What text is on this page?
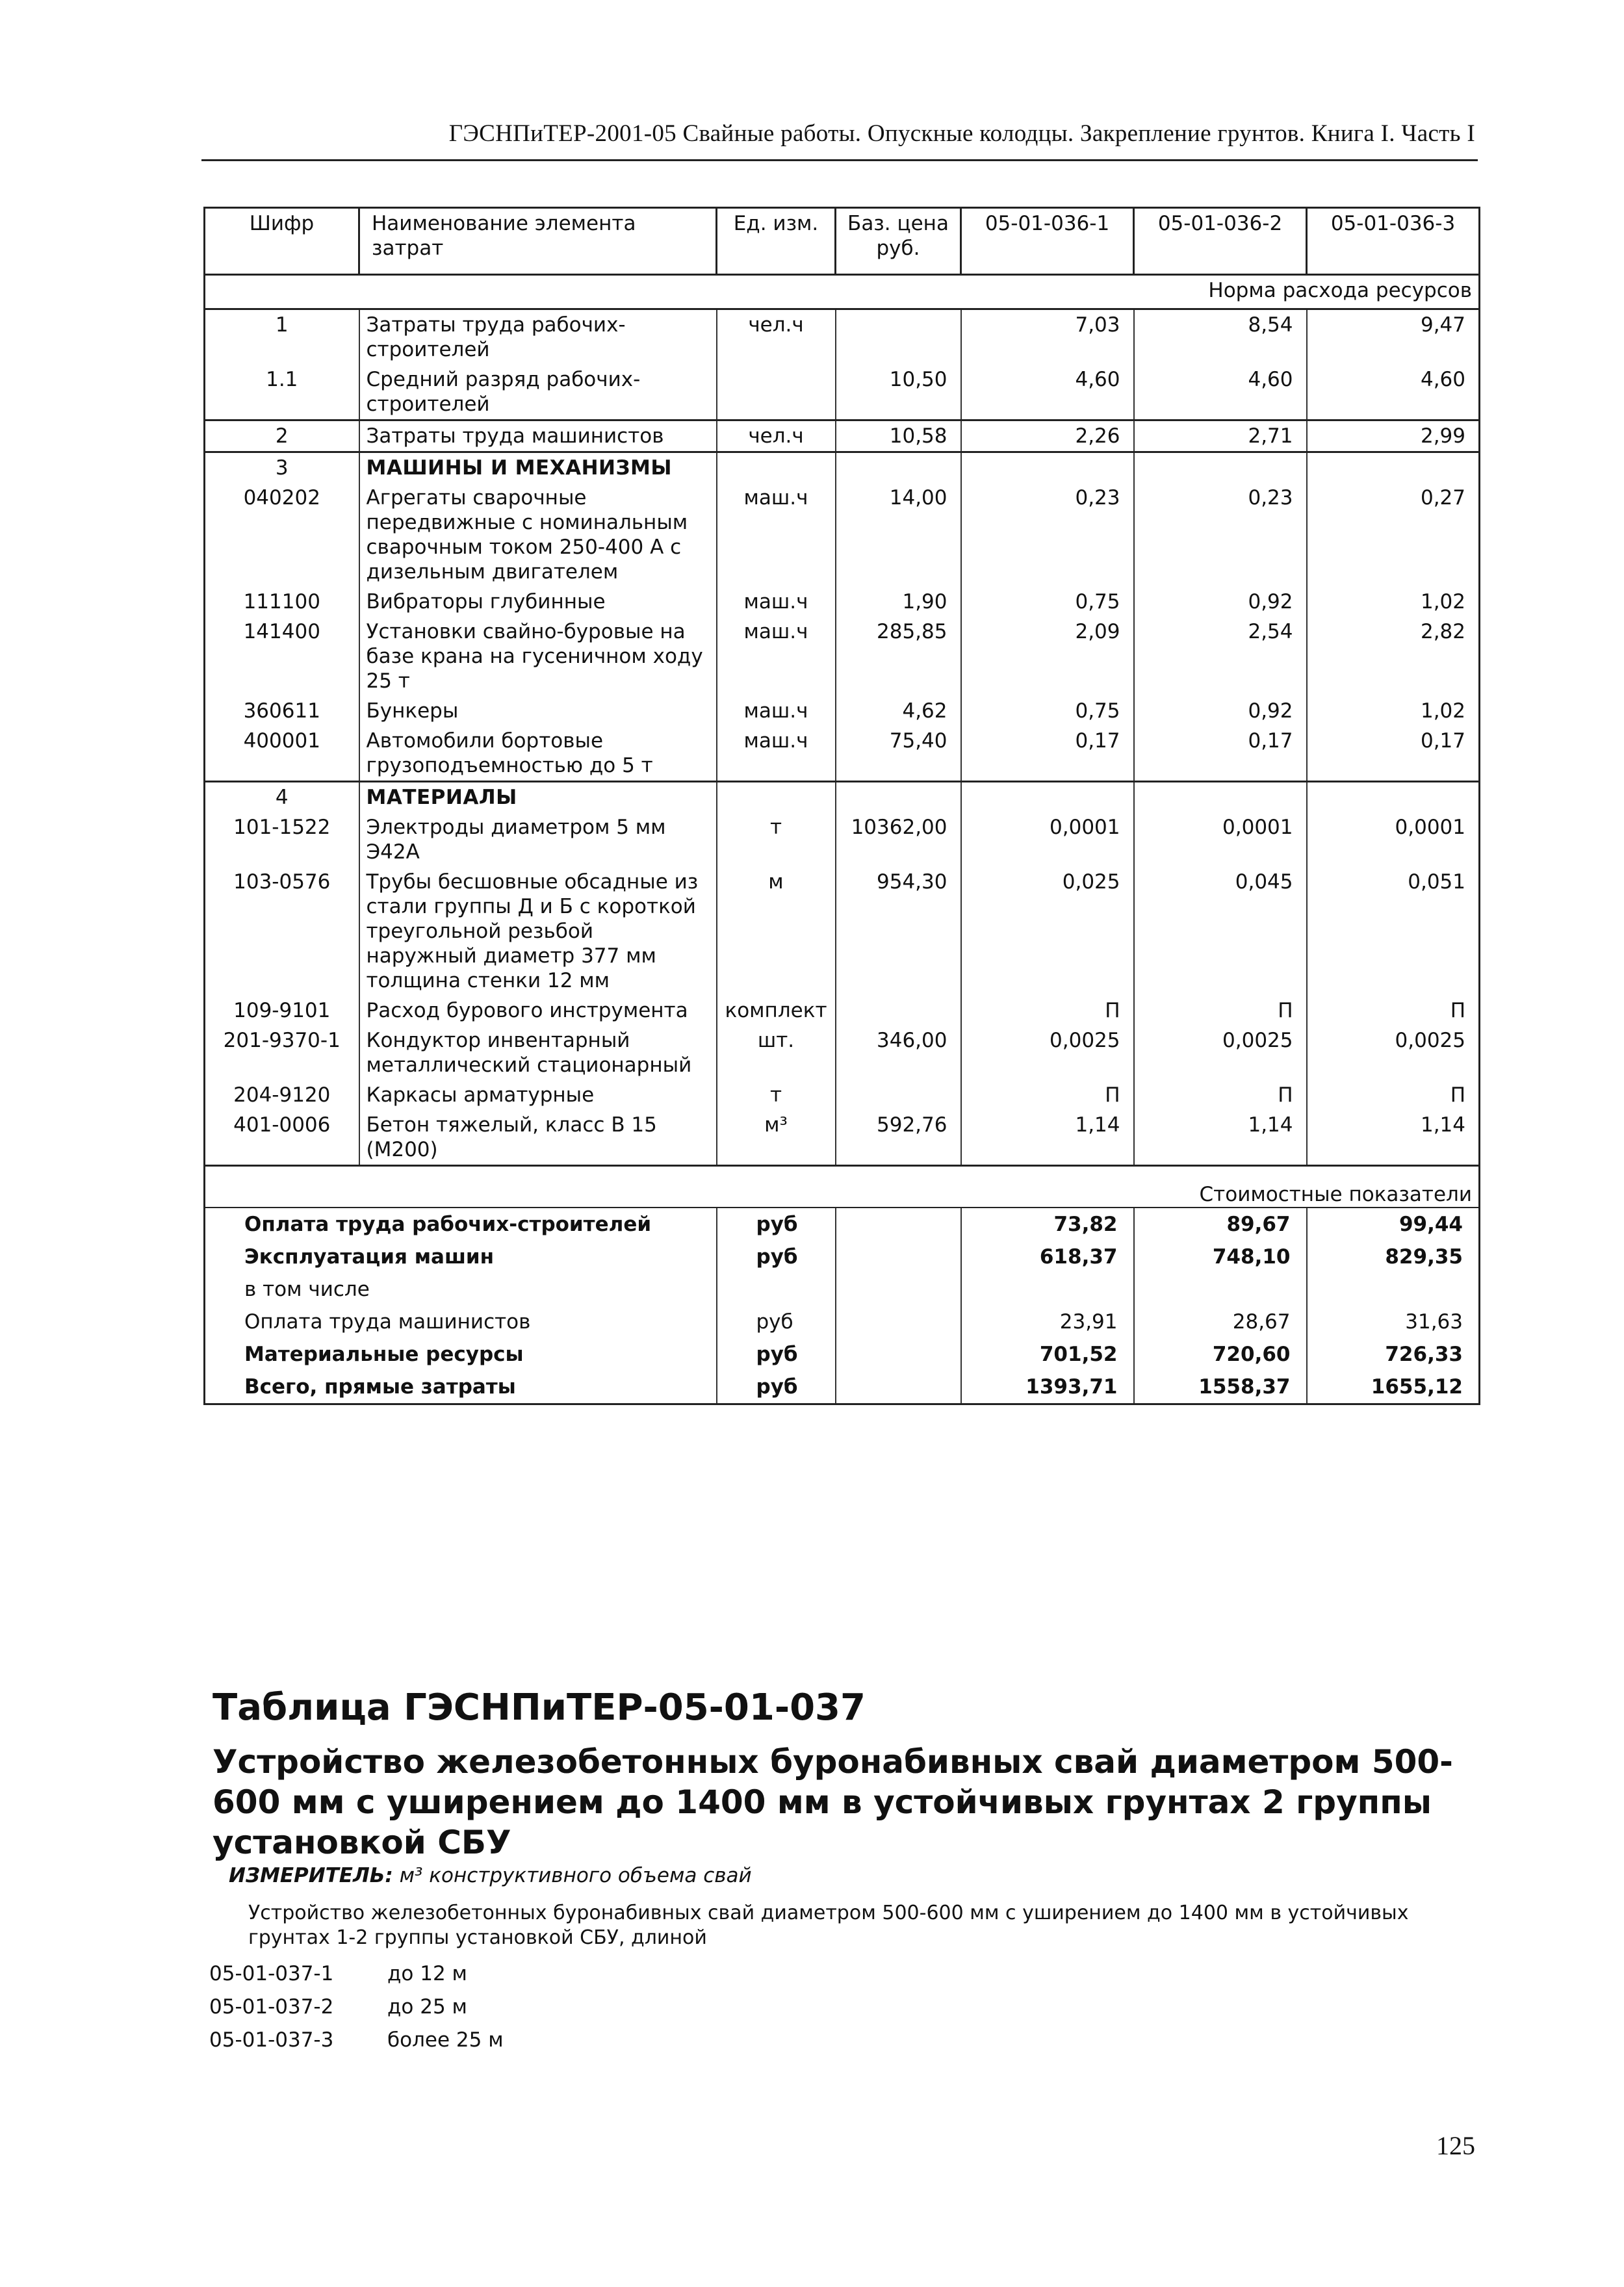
ГЭСНПиТЕР-2001-05 Свайные работы. Опускные колодцы. Закрепление грунтов. Книга I. Часть I
Шифр	Наименование элемента затрат	Ед. изм.	Баз. цена руб.	05-01-036-1	05-01-036-2	05-01-036-3
Норма расхода ресурсов						
1	Затраты труда рабочих-строителей	чел.ч		7,03	8,54	9,47
1.1	Средний разряд рабочих-строителей		10,50	4,60	4,60	4,60
2	Затраты труда машинистов	чел.ч	10,58	2,26	2,71	2,99
3	МАШИНЫ И МЕХАНИЗМЫ					
040202	Агрегаты сварочные передвижные с номинальным сварочным током 250-400 А с дизельным двигателем	маш.ч	14,00	0,23	0,23	0,27
111100	Вибраторы глубинные	маш.ч	1,90	0,75	0,92	1,02
141400	Установки свайно-буровые на базе крана на гусеничном ходу 25 т	маш.ч	285,85	2,09	2,54	2,82
360611	Бункеры	маш.ч	4,62	0,75	0,92	1,02
400001	Автомобили бортовые грузоподъемностью до 5 т	маш.ч	75,40	0,17	0,17	0,17
4	МАТЕРИАЛЫ					
101-1522	Электроды диаметром 5 мм Э42А	т	10362,00	0,0001	0,0001	0,0001
103-0576	Трубы бесшовные обсадные из стали группы Д и Б с короткой треугольной резьбой наружный диаметр 377 мм толщина стенки 12 мм	м	954,30	0,025	0,045	0,051
109-9101	Расход бурового инструмента	комплект		П	П	П
201-9370-1	Кондуктор инвентарный металлический стационарный	шт.	346,00	0,0025	0,0025	0,0025
204-9120	Каркасы арматурные	т		П	П	П
401-0006	Бетон тяжелый, класс В 15 (М200)	м³	592,76	1,14	1,14	1,14
Стоимостные показатели						
Оплата труда рабочих-строителей		руб		73,82	89,67	99,44
Эксплуатация машин		руб		618,37	748,10	829,35
в том числе						
Оплата труда машинистов		руб		23,91	28,67	31,63
Материальные ресурсы		руб		701,52	720,60	726,33
Всего, прямые затраты		руб		1393,71	1558,37	1655,12
Таблица ГЭСНПиТЕР-05-01-037
Устройство железобетонных буронабивных свай диаметром 500-600 мм с уширением до 1400 мм в устойчивых грунтах 2 группы установкой СБУ
ИЗМЕРИТЕЛЬ: м³ конструктивного объема свай
Устройство железобетонных буронабивных свай диаметром 500-600 мм с уширением до 1400 мм в устойчивых грунтах 1-2 группы установкой СБУ, длиной
05-01-037-1	до 12 м
05-01-037-2	до 25 м
05-01-037-3	более 25 м
125
